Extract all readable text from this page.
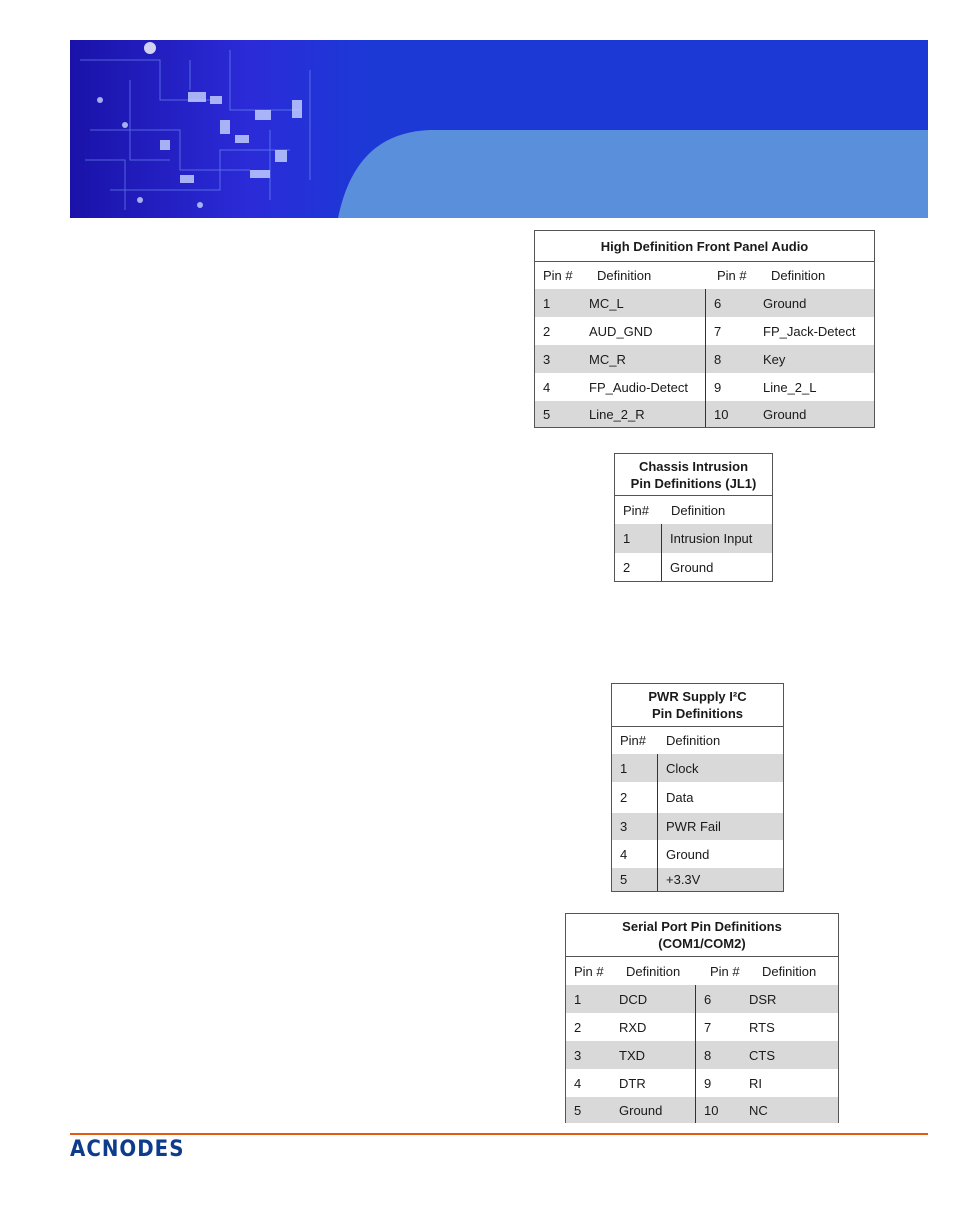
High Definition Front Panel Audio
Pin #	Definition	Pin #	Definition
1	MC_L	6	Ground
2	AUD_GND	7	FP_Jack-Detect
3	MC_R	8	Key
4	FP_Audio-Detect	9	Line_2_L
5	Line_2_R	10	Ground
Chassis Intrusion
Pin Definitions (JL1)
Pin#	Definition
1	Intrusion Input
2	Ground
PWR Supply I²C
Pin Definitions
Pin#	Definition
1	Clock
2	Data
3	PWR Fail
4	Ground
5	+3.3V
Serial Port Pin Definitions
(COM1/COM2)
Pin #	Definition	Pin #	Definition
1	DCD	6	DSR
2	RXD	7	RTS
3	TXD	8	CTS
4	DTR	9	RI
5	Ground	10	NC
ACNODES
